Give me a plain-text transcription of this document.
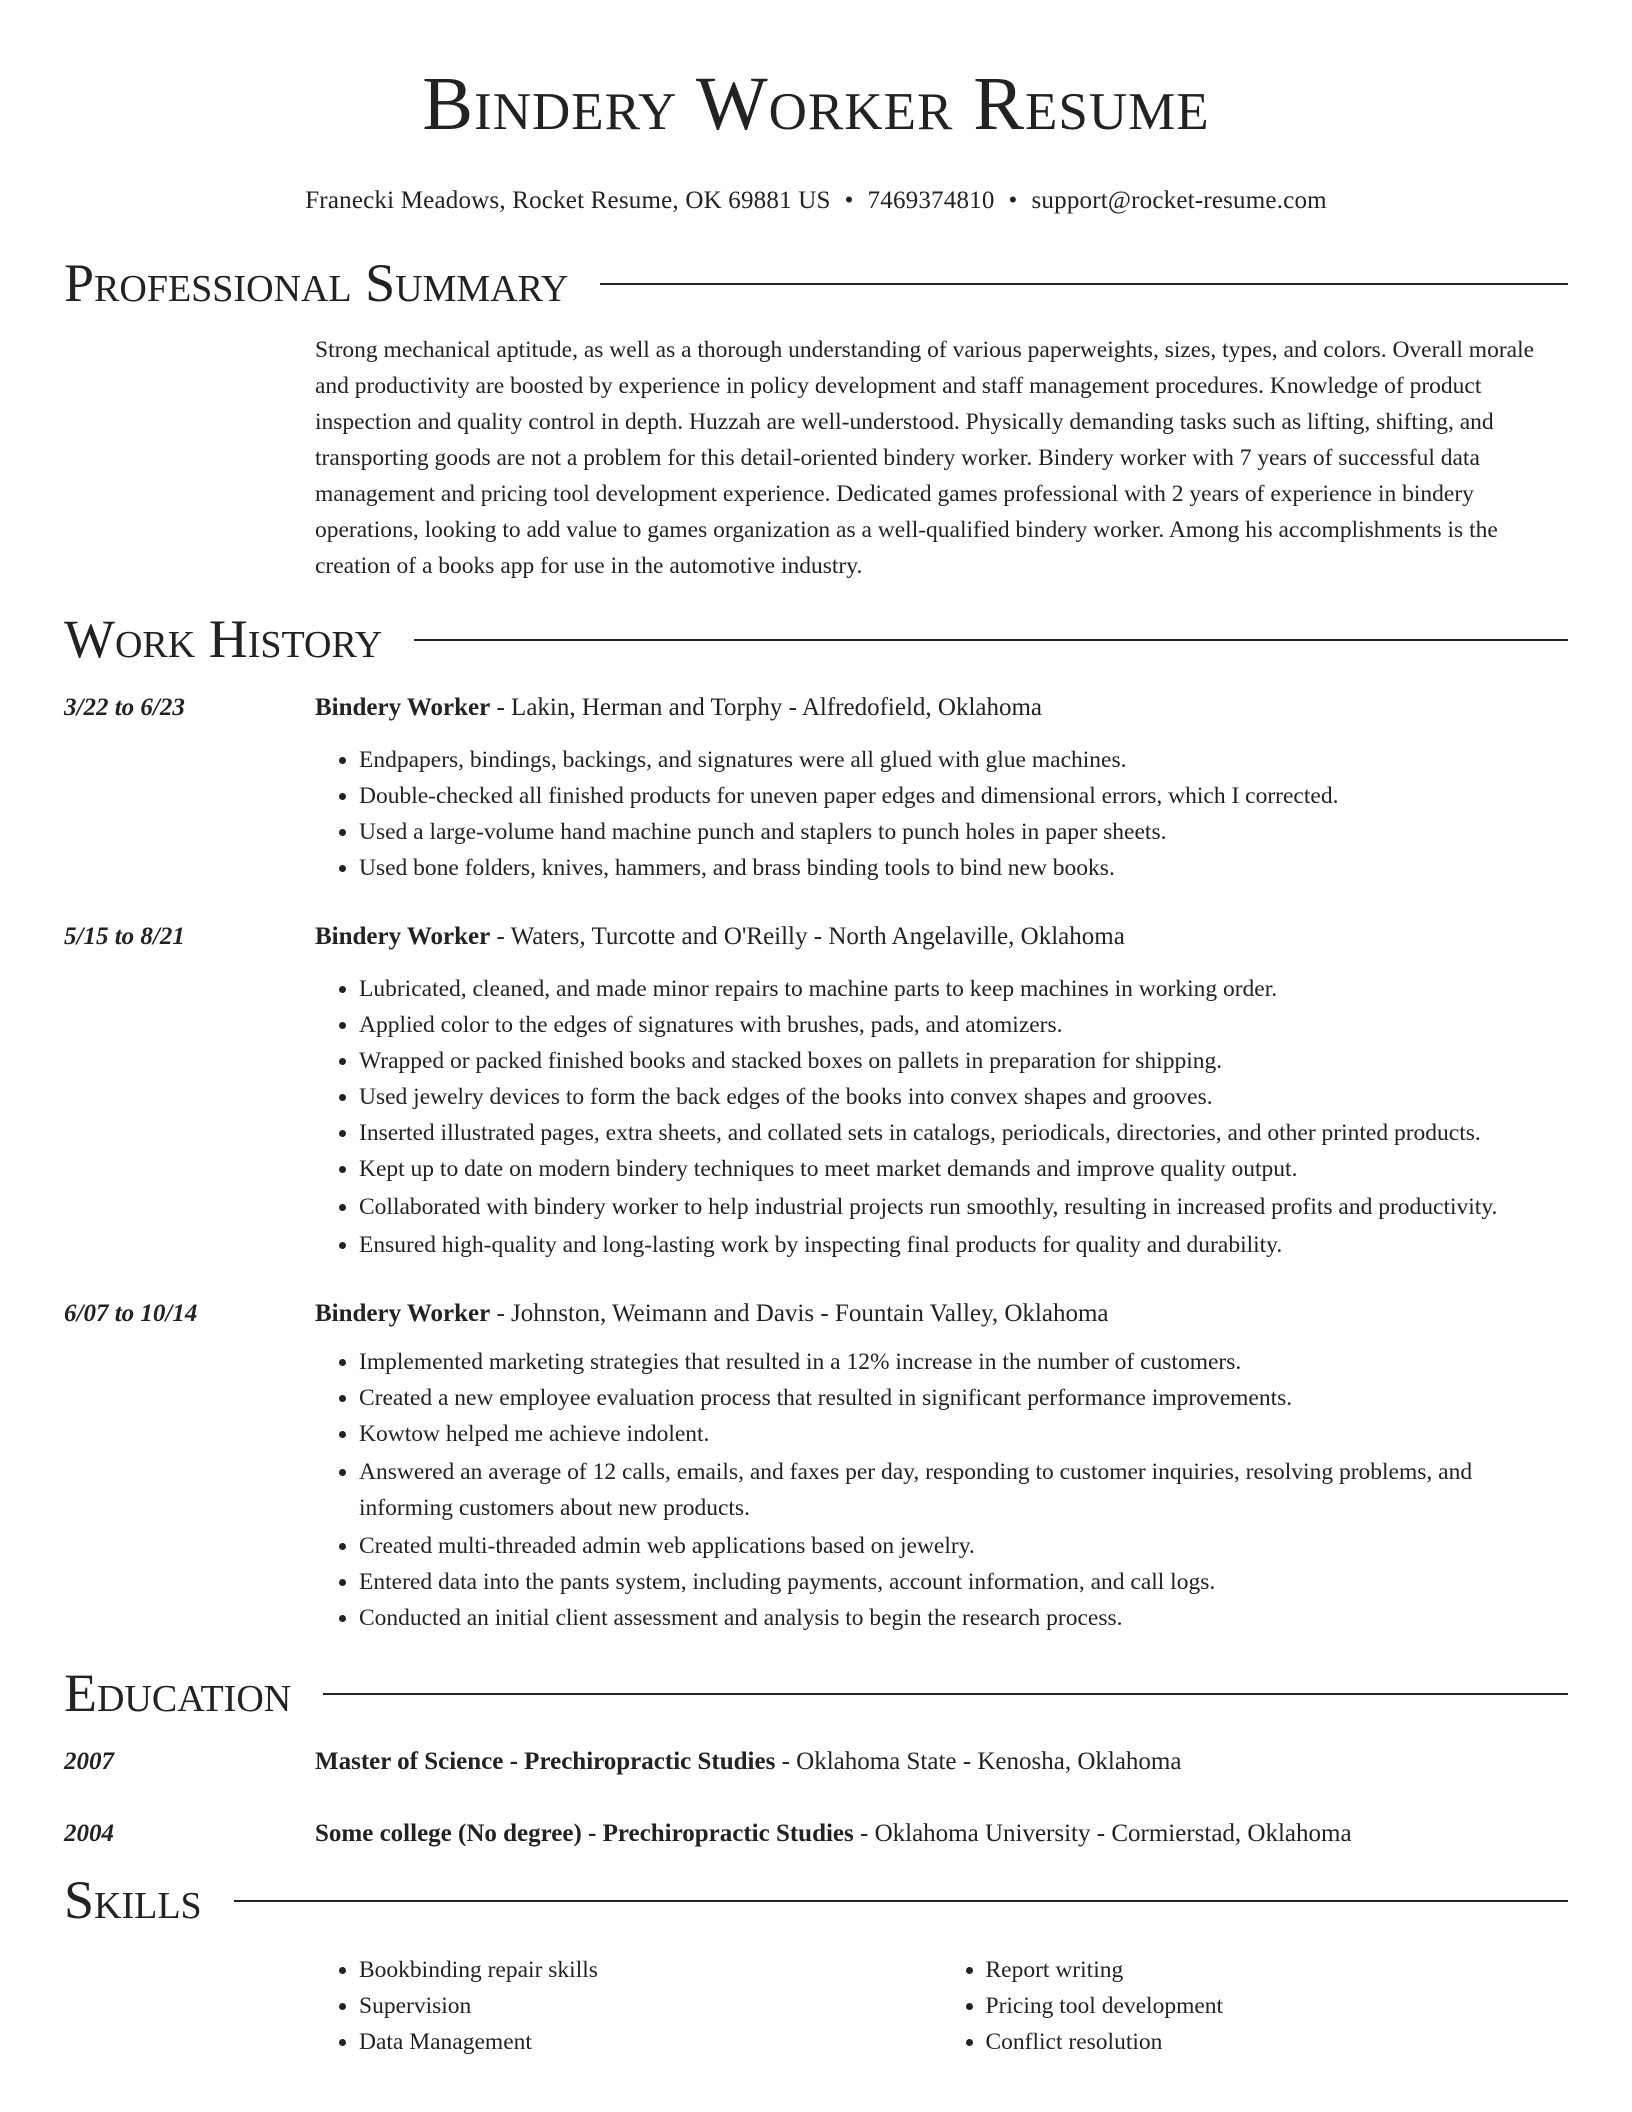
Bindery Worker Resume
Franecki Meadows, Rocket Resume, OK 69881 US • 7469374810 • support@rocket-resume.com
Professional Summary

Strong mechanical aptitude, as well as a thorough understanding of various paperweights, sizes, types, and colors. Overall morale and productivity are boosted by experience in policy development and staff management procedures. Knowledge of product inspection and quality control in depth. Huzzah are well-understood. Physically demanding tasks such as lifting, shifting, and transporting goods are not a problem for this detail-oriented bindery worker. Bindery worker with 7 years of successful data management and pricing tool development experience. Dedicated games professional with 2 years of experience in bindery operations, looking to add value to games organization as a well-qualified bindery worker. Among his accomplishments is the creation of a books app for use in the automotive industry.

Work History
3/22 to 6/23	Bindery Worker - Lakin, Herman and Torphy - Alfredofield, Oklahoma
• Endpapers, bindings, backings, and signatures were all glued with glue machines.
• Double-checked all finished products for uneven paper edges and dimensional errors, which I corrected.
• Used a large-volume hand machine punch and staplers to punch holes in paper sheets.
• Used bone folders, knives, hammers, and brass binding tools to bind new books.
5/15 to 8/21	Bindery Worker - Waters, Turcotte and O'Reilly - North Angelaville, Oklahoma
• Lubricated, cleaned, and made minor repairs to machine parts to keep machines in working order.
• Applied color to the edges of signatures with brushes, pads, and atomizers.
• Wrapped or packed finished books and stacked boxes on pallets in preparation for shipping.
• Used jewelry devices to form the back edges of the books into convex shapes and grooves.
• Inserted illustrated pages, extra sheets, and collated sets in catalogs, periodicals, directories, and other printed products.
• Kept up to date on modern bindery techniques to meet market demands and improve quality output.
• Collaborated with bindery worker to help industrial projects run smoothly, resulting in increased profits and productivity.
• Ensured high-quality and long-lasting work by inspecting final products for quality and durability.
6/07 to 10/14	Bindery Worker - Johnston, Weimann and Davis - Fountain Valley, Oklahoma
• Implemented marketing strategies that resulted in a 12% increase in the number of customers.
• Created a new employee evaluation process that resulted in significant performance improvements.
• Kowtow helped me achieve indolent.
• Answered an average of 12 calls, emails, and faxes per day, responding to customer inquiries, resolving problems, and informing customers about new products.
• Created multi-threaded admin web applications based on jewelry.
• Entered data into the pants system, including payments, account information, and call logs.
• Conducted an initial client assessment and analysis to begin the research process.
Education
2007	Master of Science - Prechiropractic Studies - Oklahoma State - Kenosha, Oklahoma
2004	Some college (No degree) - Prechiropractic Studies - Oklahoma University - Cormierstad, Oklahoma
Skills
• Bookbinding repair skills
• Supervision
• Data Management
• Report writing
• Pricing tool development
• Conflict resolution
